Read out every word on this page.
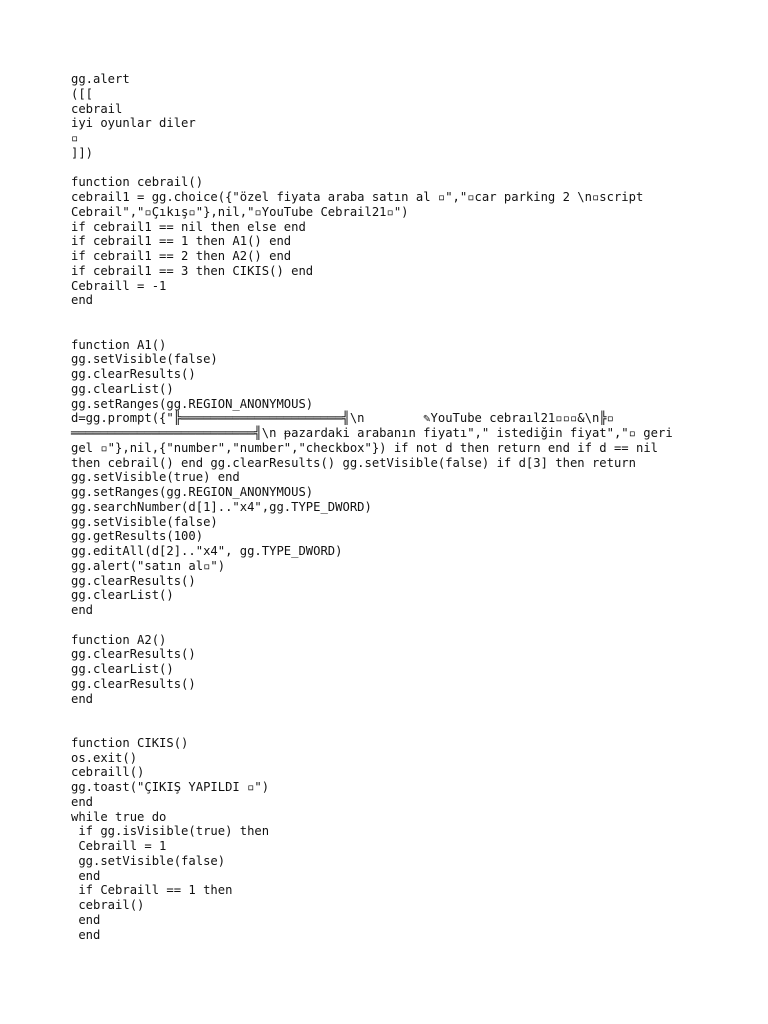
gg.alert
([[
cebrail
iyi oyunlar diler
▫
]])
function cebrail()
cebrail1 = gg.choice({"özel fiyata araba satın al ▫","▫car parking 2 \n▫script
Cebrail","▫Çıkış▫"},nil,"▫YouTube Cebrail21▫")
if cebrail1 == nil then else end
if cebrail1 == 1 then A1() end
if cebrail1 == 2 then A2() end
if cebrail1 == 3 then CIKIS() end
Cebraill = -1
end
function A1()
gg.setVisible(false)
gg.clearResults()
gg.clearList()
gg.setRanges(gg.REGION_ANONYMOUS)
d=gg.prompt({"╠══════════════════════╣\n        ✎YouTube cebraıl21▫▫▫&\n╠▫
═════════════════════════╣\n ᵽazardaki arabanın fiyatı"," istediğin fiyat","▫ geri
gel ▫"},nil,{"number","number","checkbox"}) if not d then return end if d == nil
then cebrail() end gg.clearResults() gg.setVisible(false) if d[3] then return
gg.setVisible(true) end
gg.setRanges(gg.REGION_ANONYMOUS)
gg.searchNumber(d[1].."x4",gg.TYPE_DWORD)
gg.setVisible(false)
gg.getResults(100)
gg.editAll(d[2].."x4", gg.TYPE_DWORD)
gg.alert("satın al▫")
gg.clearResults()
gg.clearList()
end
function A2()
gg.clearResults()
gg.clearList()
gg.clearResults()
end
function CIKIS()
os.exit()
cebraill()
gg.toast("ÇIKIŞ YAPILDI ▫")
end
while true do
if gg.isVisible(true) then
Cebraill = 1
gg.setVisible(false)
end
if Cebraill == 1 then
cebrail()
end
end
